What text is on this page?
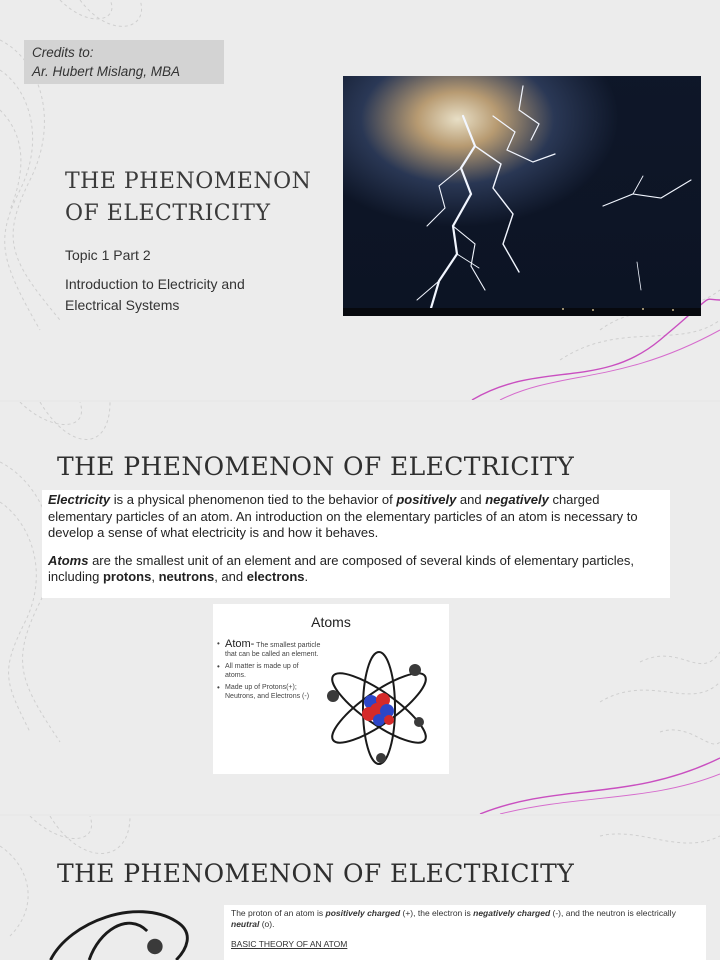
Credits to:
Ar. Hubert Mislang, MBA
THE PHENOMENON
OF ELECTRICITY
Topic 1 Part 2
Introduction to Electricity and
Electrical Systems
THE PHENOMENON OF ELECTRICITY

Electricity is a physical phenomenon tied to the behavior of positively and negatively charged elementary particles of an atom. An introduction on the elementary particles of an atom is necessary to develop a sense of what electricity is and how it behaves.

Atoms are the smallest unit of an element and are composed of several kinds of elementary particles, including protons, neutrons, and electrons.

Atoms
• Atom- The smallest particle that can be called an element.
• All matter is made up of atoms.
• Made up of Protons(+); Neutrons, and Electrons (-)
THE PHENOMENON OF ELECTRICITY
The proton of an atom is positively charged (+), the electron is negatively charged (-), and the neutron is electrically neutral (o).
BASIC THEORY OF AN ATOM
